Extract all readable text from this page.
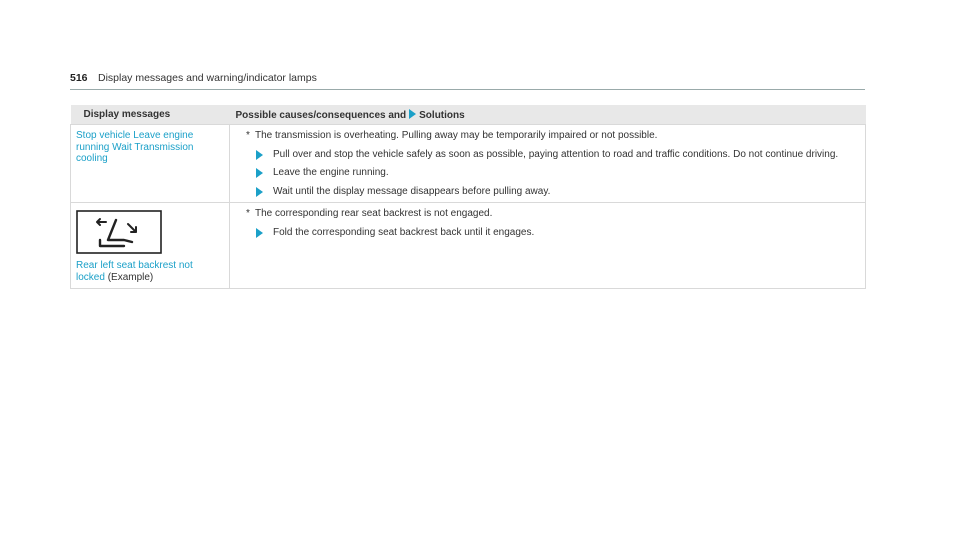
516 Display messages and warning/indicator lamps
Display messages	Possible causes/consequences and Solutions
Stop vehicle Leave engine running Wait Transmission cooling	* The transmission is overheating. Pulling away may be temporarily impaired or not possible.
Pull over and stop the vehicle safely as soon as possible, paying attention to road and traffic conditions. Do not continue driving.
Leave the engine running.
Wait until the display message disappears before pulling away.

Rear left seat backrest not locked (Example)	* The corresponding rear seat backrest is not engaged.
Fold the corresponding seat backrest back until it engages.
